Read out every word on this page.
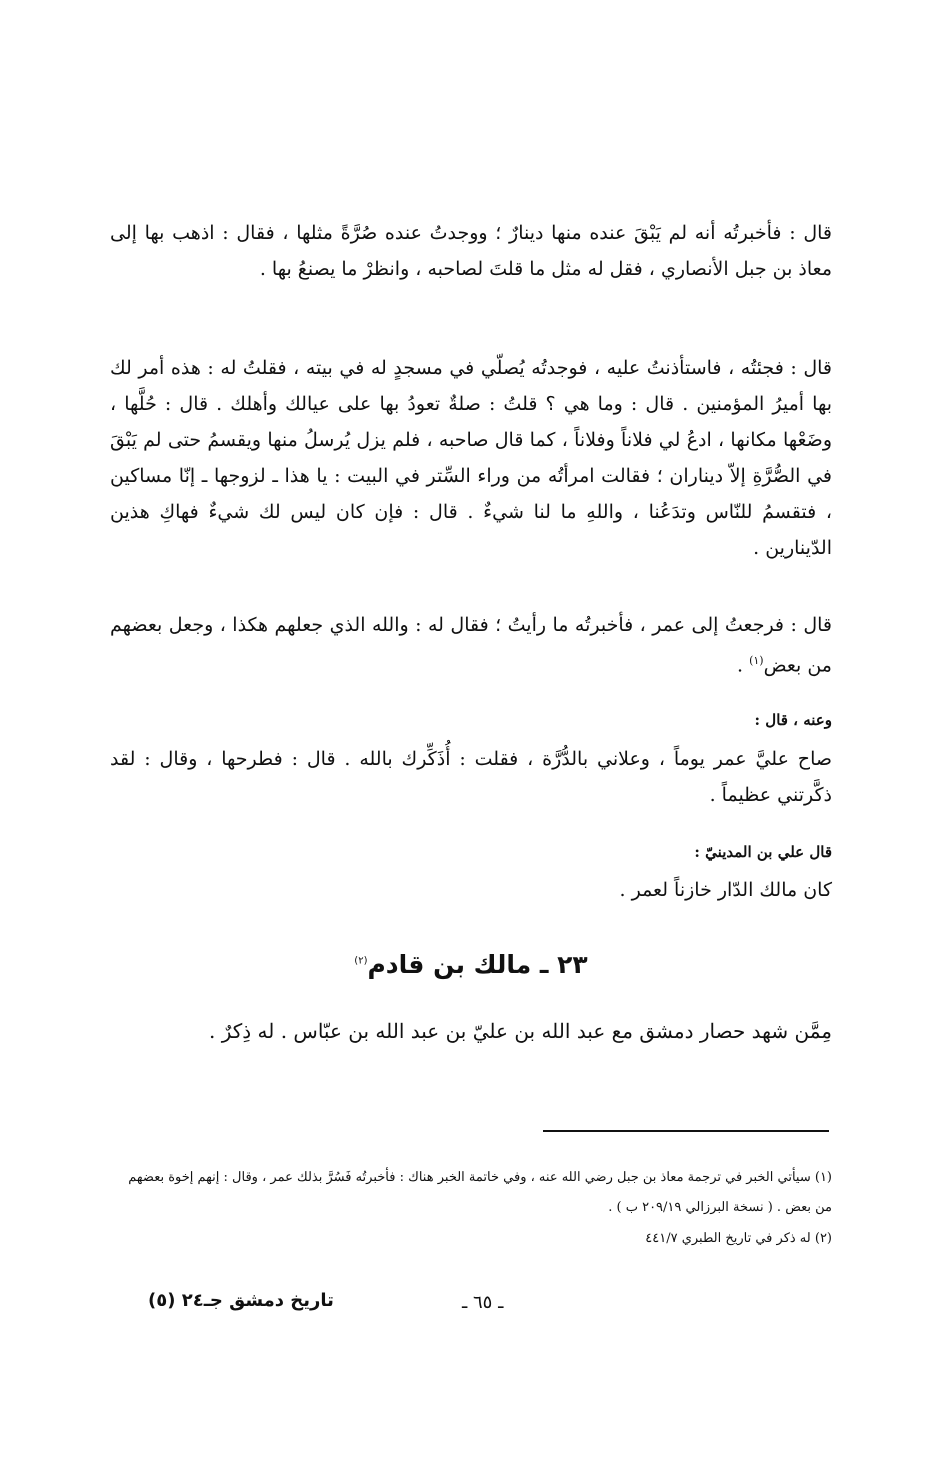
قال : فأخبرتُه أنه لم يَبْقَ عنده منها دينارٌ ؛ ووجدتُ عنده صُرَّةً مثلها ، فقال : اذهب بها إلى معاذ بن جبل الأنصاري ، فقل له مثل ما قلتَ لصاحبه ، وانظرْ ما يصنعُ بها .

قال : فجئتُه ، فاستأذنتُ عليه ، فوجدتُه يُصلّي في مسجدٍ له في بيته ، فقلتُ له : هذه أمر لك بها أميرُ المؤمنين . قال : وما هي ؟ قلتُ : صلةٌ تعودُ بها على عيالك وأهلك . قال : حُلَّها ، وضَعْها مكانها ، ادعُ لي فلاناً وفلاناً ، كما قال صاحبه ، فلم يزل يُرسلُ منها ويقسمُ حتى لم يَبْقَ في الصُّرَّةِ إلاّ ديناران ؛ فقالت امرأتُه من وراء السِّتر في البيت : يا هذا ـ لزوجها ـ إنّا مساكين ، فتقسمُ للنّاس وتدَعُنا ، واللهِ ما لنا شيءٌ . قال : فإن كان ليس لك شيءٌ فهاكِ هذين الدّينارين .

قال : فرجعتُ إلى عمر ، فأخبرتُه ما رأيتُ ؛ فقال له : والله الذي جعلهم هكذا ، وجعل بعضهم من بعض$^{(١)}$ .

وعنه ، قال :

صاح عليَّ عمر يوماً ، وعلاني بالدُّرَّة ، فقلت : أُذَكِّرك بالله . قال : فطرحها ، وقال : لقد ذكَّرتني عظيماً .

قال علي بن المدينيّ :

كان مالك الدّار خازناً لعمر .

٢٣ ـ مالك بن قادم$^{(٢)}$

مِمَّن شهد حصار دمشق مع عبد الله بن عليّ بن عبد الله بن عبّاس . له ذِكرٌ .

(١) سيأتي الخبر في ترجمة معاذ بن جبل رضي الله عنه ، وفي خاتمة الخبر هناك : فأخبرتُه فَسُرَّ بذلك عمر ، وقال : إنهم إخوة بعضهم من بعض . ( نسخة البرزالي ٢٠٩/١٩ ب ) .
(٢) له ذكر في تاريخ الطبري ٤٤١/٧
تاريخ دمشق جـ٢٤ (٥)	ـ ٦٥ ـ
